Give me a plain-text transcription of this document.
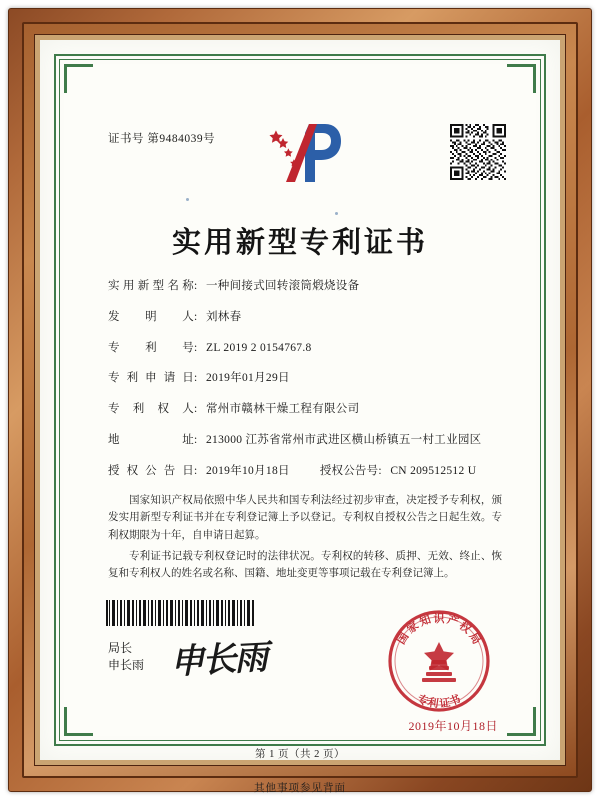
证书号 第9484039号
实用新型专利证书
实用新型名称: 一种间接式回转滚筒煅烧设备
发明人: 刘林春
专利号: ZL 2019 2 0154767.8
专利申请日: 2019年01月29日
专利权人: 常州市赣林干燥工程有限公司
地址: 213000 江苏省常州市武进区横山桥镇五一村工业园区
授权公告日: 2019年10月18日	授权公告号: CN 209512512 U

国家知识产权局依照中华人民共和国专利法经过初步审查，决定授予专利权，颁发实用新型专利证书并在专利登记簿上予以登记。专利权自授权公告之日起生效。专利权期限为十年，自申请日起算。

专利证书记载专利权登记时的法律状况。专利权的转移、质押、无效、终止、恢复和专利权人的姓名或名称、国籍、地址变更等事项记载在专利登记簿上。

局长
申长雨 申长雨	国
家
知 识 产
权
局
专
利 证
书
2019年10月18日
第 1 页（共 2 页）
其他事项参见背面
